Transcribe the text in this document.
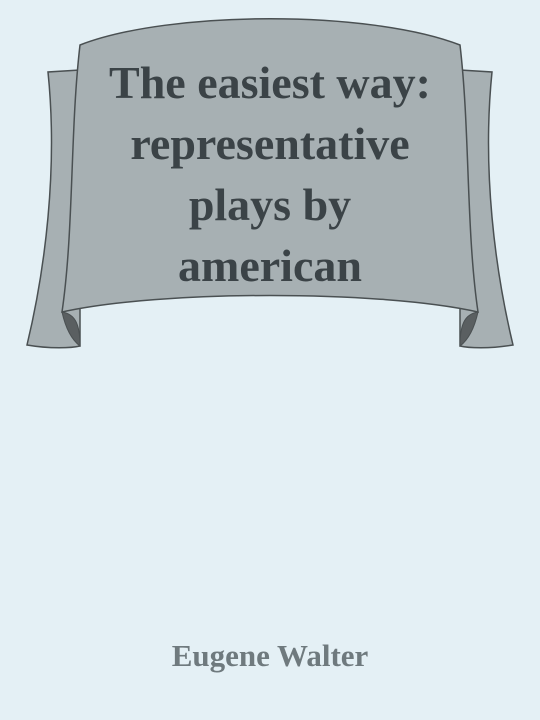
The easiest way:
representative
plays by
american
Eugene Walter
